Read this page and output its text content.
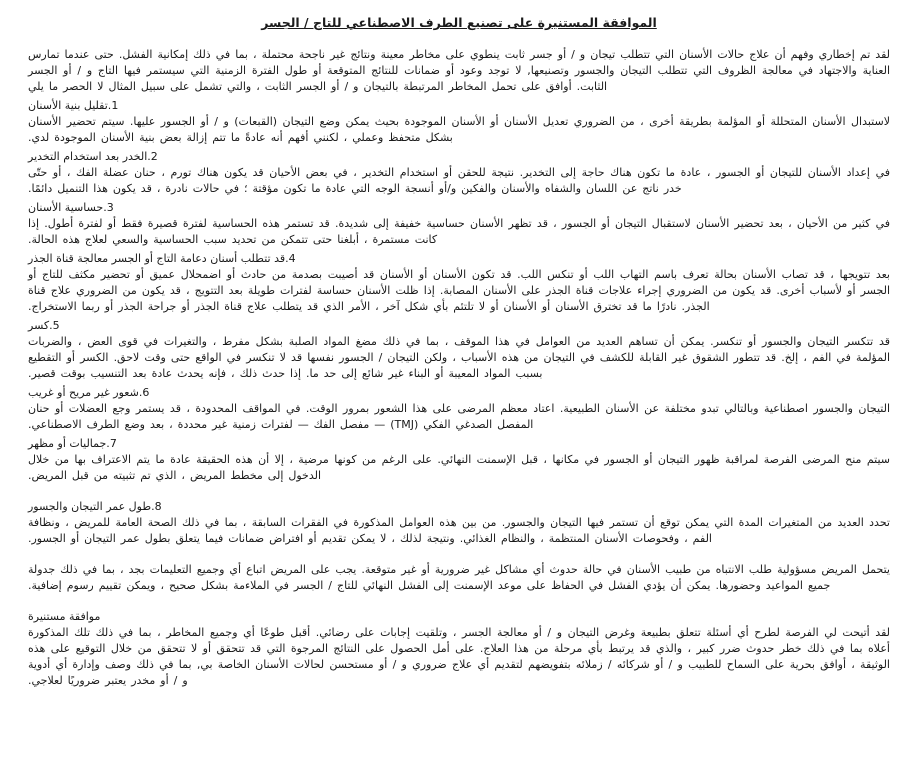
الموافقة المستنيرة على تصنيع الطرف الاصطناعي للتاج / الجسر

لقد تم إخطاري وفهم أن علاج حالات الأسنان التي تتطلب تيجان و / أو جسر ثابت ينطوي على مخاطر معينة ونتائج غير ناجحة محتملة ، بما في ذلك إمكانية الفشل. حتى عندما تمارس العناية والاجتهاد في معالجة الظروف التي تتطلب التيجان والجسور وتصنيعها, لا توجد وعود أو ضمانات للنتائج المتوقعة أو طول الفترة الزمنية التي سيستمر فيها التاج و / أو الجسر الثابت. أوافق على تحمل المخاطر المرتبطة بالتيجان و / أو الجسر الثابت ، والتي تشمل على سبيل المثال لا الحصر ما يلي

1.تقليل بنية الأسنان

لاستبدال الأسنان المتحللة أو المؤلمة بطريقة أخرى ، من الضروري تعديل الأسنان أو الأسنان الموجودة بحيث يمكن وضع التيجان (القبعات) و / أو الجسور عليها. سيتم تحضير الأسنان بشكل متحفظ وعملي ، لكنني أفهم أنه عادةً ما تتم إزالة بعض بنية الأسنان الموجودة لدي.

2.الخدر بعد استخدام التخدير

في إعداد الأسنان للتيجان أو الجسور ، عادة ما تكون هناك حاجة إلى التخدير. نتيجة للحقن أو استخدام التخدير ، في بعض الأحيان قد يكون هناك تورم ، حنان عضلة الفك ، أو حتّى خدر ناتج عن اللسان والشفاه والأسنان والفكين و/أو أنسجة الوجه التي عادة ما تكون مؤقتة ؛ في حالات نادرة ، قد يكون هذا التنميل دائمًا.

3.حساسية الأسنان

في كثير من الأحيان ، بعد تحضير الأسنان لاستقبال التيجان أو الجسور ، قد تظهر الأسنان حساسية خفيفة إلى شديدة. قد تستمر هذه الحساسية لفترة قصيرة فقط أو لفترة أطول. إذا كانت مستمرة ، أبلغنا حتى تتمكن من تحديد سبب الحساسية والسعي لعلاج هذه الحالة.

4.قد تتطلب أسنان دعامة التاج أو الجسر معالجة قناة الجذر

بعد تتويجها ، قد تصاب الأسنان بحالة تعرف باسم التهاب اللب أو تنكس اللب. قد تكون الأسنان أو الأسنان قد أصيبت بصدمة من حادث أو اضمحلال عميق أو تحضير مكثف للتاج أو الجسر أو لأسباب أخرى. قد يكون من الضروري إجراء علاجات قناة الجذر على الأسنان المصابة. إذا ظلت الأسنان حساسة لفترات طويلة بعد التتويج ، قد يكون من الضروري علاج قناة الجذر. نادرًا ما قد تخترق الأسنان أو الأسنان أو لا تلتئم بأي شكل آخر ، الأمر الذي قد يتطلب علاج قناة الجذر أو جراحة الجذر أو ربما الاستخراج.

5.كسر

قد تتكسر التيجان والجسور أو تنكسر. يمكن أن تساهم العديد من العوامل في هذا الموقف ، بما في ذلك مضغ المواد الصلبة بشكل مفرط ، والتغيرات في قوى العض ، والضربات المؤلمة في الفم ، إلخ. قد تتطور الشقوق غير القابلة للكشف في التيجان من هذه الأسباب ، ولكن التيجان / الجسور نفسها قد لا تنكسر في الواقع حتى وقت لاحق. الكسر أو التقطيع بسبب المواد المعيبة أو البناء غير شائع إلى حد ما. إذا حدث ذلك ، فإنه يحدث عادة بعد التنسيب بوقت قصير.

6.شعور غير مريح أو غريب

التيجان والجسور اصطناعية وبالتالي تبدو مختلفة عن الأسنان الطبيعية. اعتاد معظم المرضى على هذا الشعور بمرور الوقت. في المواقف المحدودة ، قد يستمر وجع العضلات أو حنان المفصل الصدغي الفكي (TMJ) — مفصل الفك — لفترات زمنية غير محددة ، بعد وضع الطرف الاصطناعي.

7.جماليات أو مظهر

سيتم منح المرضى الفرصة لمراقبة ظهور التيجان أو الجسور في مكانها ، قبل الإسمنت النهائي. على الرغم من كونها مرضية ، إلا أن هذه الحقيقة عادة ما يتم الاعتراف بها من خلال الدخول إلى مخطط المريض ، الذي تم تثبيته من قبل المريض.

8.طول عمر التيجان والجسور

تحدد العديد من المتغيرات المدة التي يمكن توقع أن تستمر فيها التيجان والجسور. من بين هذه العوامل المذكورة في الفقرات السابقة ، بما في ذلك الصحة العامة للمريض ، ونظافة الفم ، وفحوصات الأسنان المنتظمة ، والنظام الغذائي. ونتيجة لذلك ، لا يمكن تقديم أو افتراض ضمانات فيما يتعلق بطول عمر التيجان أو الجسور.

يتحمل المريض مسؤولية طلب الانتباه من طبيب الأسنان في حالة حدوث أي مشاكل غير ضرورية أو غير متوقعة. يجب على المريض اتباع أي وجميع التعليمات بجد ، بما في ذلك جدولة جميع المواعيد وحضورها. يمكن أن يؤدي الفشل في الحفاظ على موعد الإسمنت إلى الفشل النهائي للتاج / الجسر في الملاءمة بشكل صحيح ، ويمكن تقييم رسوم إضافية.

موافقة مستنيرة

لقد أتيحت لي الفرصة لطرح أي أسئلة تتعلق بطبيعة وغرض التيجان و / أو معالجة الجسر ، وتلقيت إجابات على رضائي. أقبل طوعًا أي وجميع المخاطر ، بما في ذلك تلك المذكورة أعلاه بما في ذلك خطر حدوث ضرر كبير ، والذي قد يرتبط بأي مرحلة من هذا العلاج. على أمل الحصول على النتائج المرجوة التي قد تتحقق أو لا تتحقق من خلال التوقيع على هذه الوثيقة ، أوافق بحرية على السماح للطبيب و / أو شركائه / زملائه بتفويضهم لتقديم أي علاج ضروري و / أو مستحسن لحالات الأسنان الخاصة بي, بما في ذلك وصف وإدارة أي أدوية و / أو مخدر يعتبر ضروريًا لعلاجي.
